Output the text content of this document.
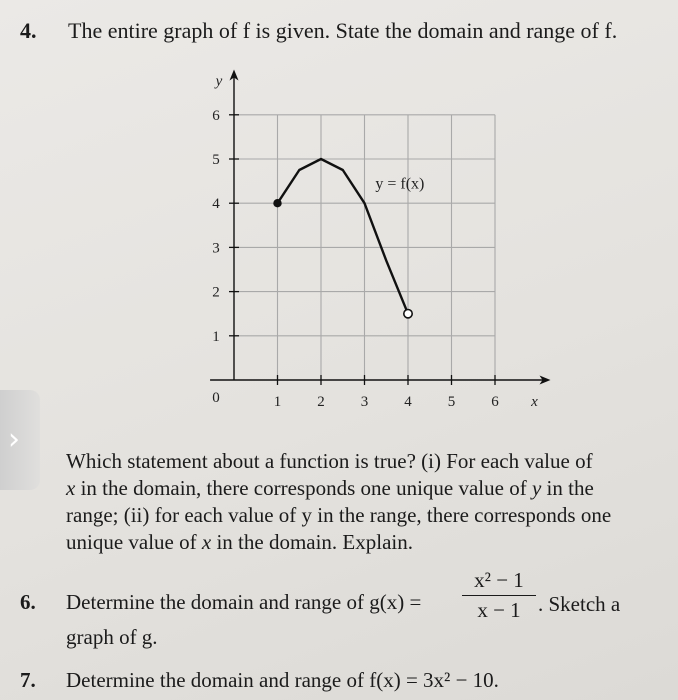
4. The entire graph of f is given. State the domain and range of f.
1 2 3 4 5 6
1
2
3
4
5
6
0	x
y
y = f(x)
›
Which statement about a function is true? (i) For each value of
x in the domain, there corresponds one unique value of y in the
range; (ii) for each value of y in the range, there corresponds one
unique value of x in the domain. Explain.
6. Determine the domain and range of $g(x) = \frac{\text{x² − 1}}{x - 1}$ . Sketch a
graph of g.
7. Determine the domain and range of f(x) = 3x² − 10.
